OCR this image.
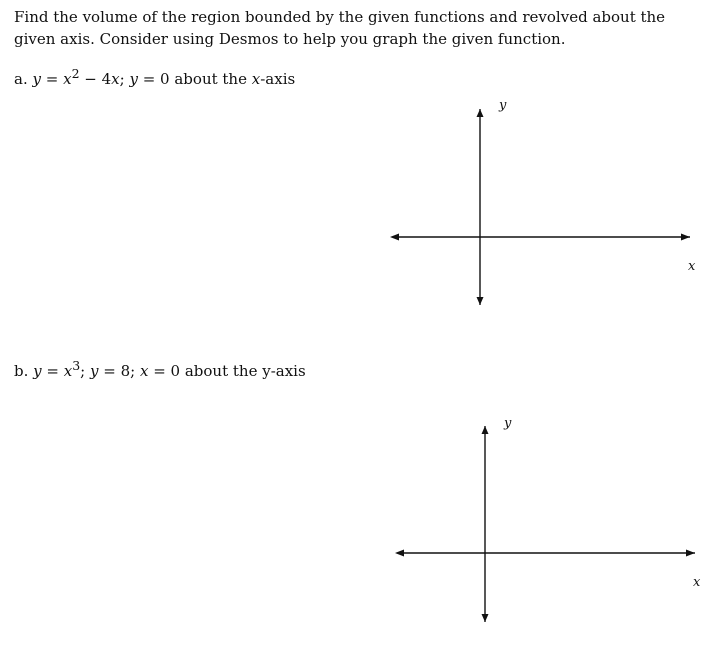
Find the volume of the region bounded by the given functions and revolved about the given axis. Consider using Desmos to help you graph the given function.

a. $y = x^2 - 4x$; y = 0 about the x-axis
y
x
b. $y = x^3$; y = 8; x = 0 about the y-axis
y
x
